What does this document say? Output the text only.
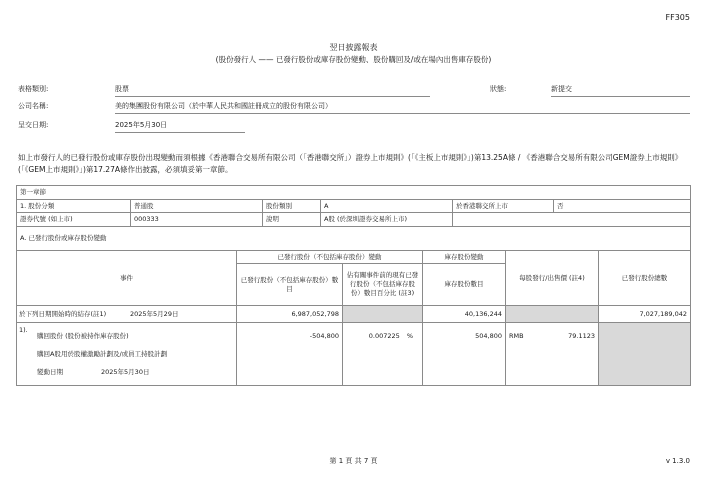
FF305
翌日披露報表
(股份發行人 —— 已發行股份或庫存股份變動、股份購回及/或在場內出售庫存股份)
表格類別:	股票	狀態:	新提交
公司名稱:	美的集團股份有限公司（於中華人民共和國註冊成立的股份有限公司）
呈交日期:	2025年5月30日
如上市發行人的已發行股份或庫存股份出現變動而須根據《香港聯合交易所有限公司（「香港聯交所」）證券上市規則》(「《主板上市規則》」)第13.25A條 / 《香港聯合交易所有限公司GEM證券上市規則》(「《GEM上市規則》」)第17.27A條作出披露，必須填妥第一章節。
第一章節					
1. 股份分類	普通股	股份類別	A	於香港聯交所上市	否
證券代號 (如上市)	000333	說明	A股 (於深圳證券交易所上市)		
A. 已發行股份或庫存股份變動					
事件	已發行股份（不包括庫存股份）變動		庫存股份變動	每股發行/出售價 (註4)	已發行股份總數
	已發行股份（不包括庫存股份）數目	佔有關事件前的現有已發行股份（不包括庫存股份）數目百分比 (註3)	庫存股份數目		
於下列日期開始時的結存(註1) 2025年5月29日	6,987,052,798		40,136,244		7,027,189,042

1).
購回股份 (股份被持作庫存股份)
購回A股用於股權激勵計劃及/或員工持股計劃
變動日期 2025年5月30日	-504,800	0.007225 %	504,800	RMB 79.1123	

第 1 頁 共 7 頁	v 1.3.0
